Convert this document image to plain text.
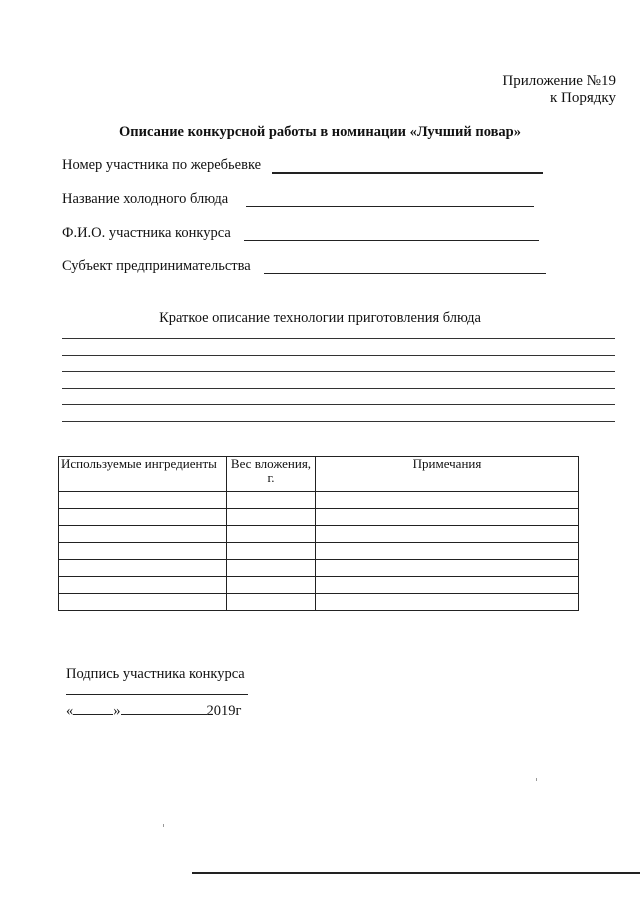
Приложение №19
к Порядку
Описание конкурсной работы в номинации «Лучший повар»
Номер участника по жеребьевке
Название холодного блюда
Ф.И.О. участника конкурса
Субъект предпринимательства
Краткое описание технологии приготовления блюда
Используемые ингредиенты	Вес вложения, г.	Примечания

Подпись участника конкурса
«	»	2019г
